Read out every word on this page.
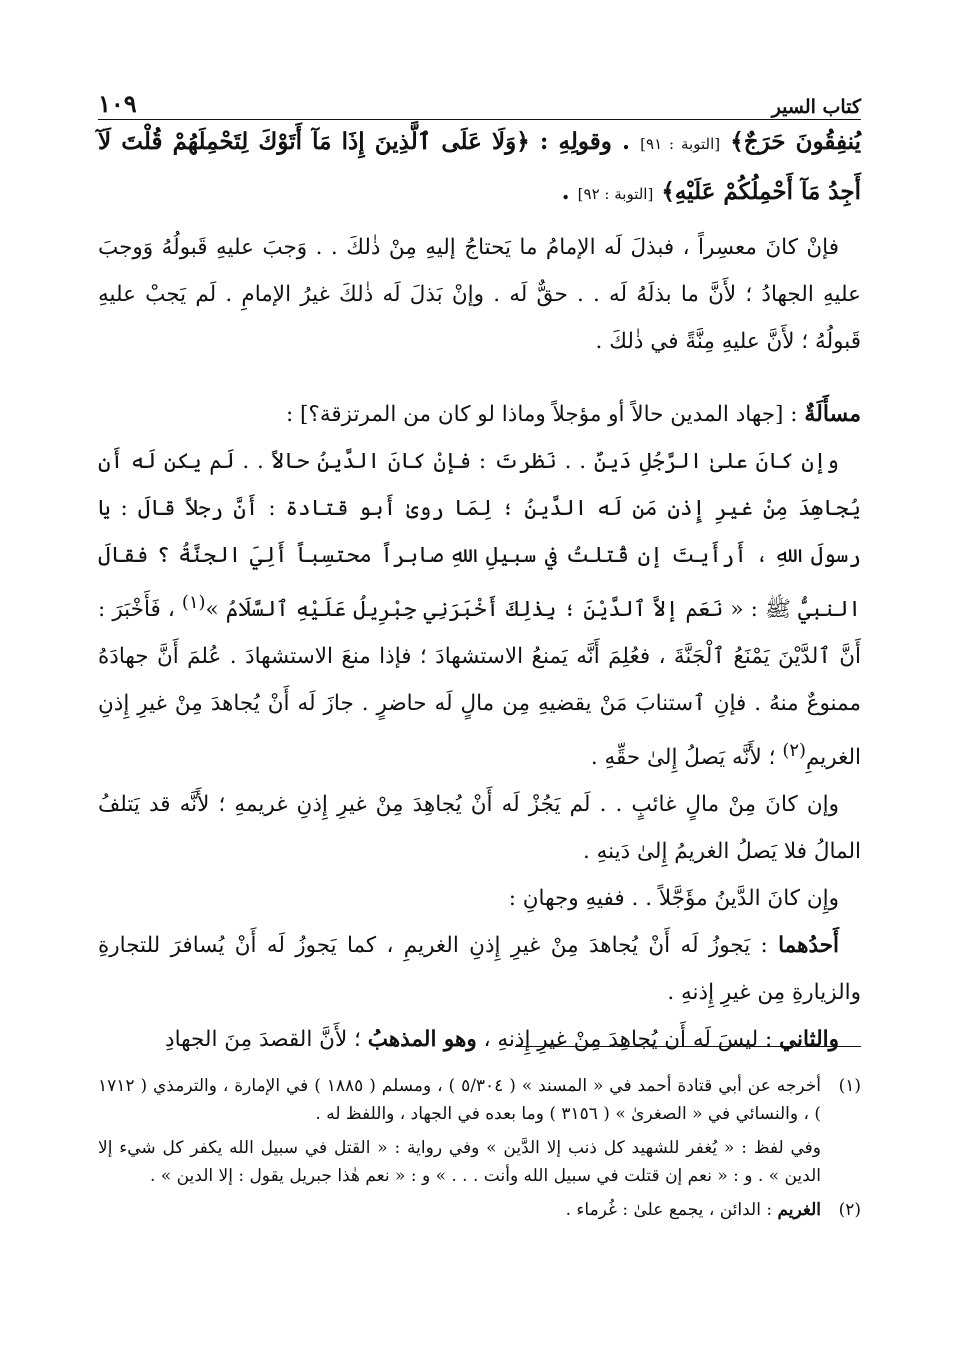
كتاب السير
١٠٩

يُنفِقُونَ حَرَجٌ﴾ [التوبة : ٩١] . وقولِهِ : ﴿وَلَا عَلَى ٱلَّذِينَ إِذَا مَآ أَتَوْكَ لِتَحْمِلَهُمْ قُلْتَ لَآ أَجِدُ مَآ أَحْمِلُكُمْ عَلَيْهِ﴾ [التوبة : ٩٢] .

فإنْ كانَ معسِراً ، فبذلَ لَه الإمامُ ما يَحتاجُ إليهِ مِنْ ذٰلكَ . . وَجبَ عليهِ قَبولُهُ وَوجبَ عليهِ الجهادُ ؛ لأَنَّ ما بذلَهُ لَه . . حقٌّ لَه . وإنْ بَذلَ لَه ذٰلكَ غيرُ الإمامِ . لَم يَجبْ عليهِ قَبولُهُ ؛ لأَنَّ عليهِ مِنَّةً في ذٰلكَ .

مسأَلَةٌ : [جهاد المدين حالاً أو مؤجلاً وماذا لو كان من المرتزقة؟] :

وإن كانَ علىٰ الرَّجُلِ دَينٌ . . نَظرتَ : فإنْ كانَ الدَّينُ حالاً . . لَم يكن لَه أَن يُجاهِدَ مِنْ غيرِ إِذنِ مَن لَه الدَّينُ ؛ لِمَا روىٰ أَبو قتادة : أَنَّ رجلاً قالَ : يا رسولَ اللهِ ، أَرأَيتَ إن قُتلتُ في سبيلِ اللهِ صابراً محتسِباً أَلِيَ الجنَّةُ ؟ فقالَ النبيُّ ﷺ : « نَعَم إلاَّ ٱلدَّيْنَ ؛ بِذٰلِكَ أَخْبَرَنِي جِبْرِيلُ عَلَيْهِ ٱلسَّلَامُ »$^{(١)}$ ، فَأَخْبَرَ : أَنَّ ٱلدَّيْنَ يَمْنَعُ ٱلْجَنَّةَ ، فعُلِمَ أَنَّه يَمنعُ الاستشهادَ ؛ فإذا منعَ الاستشهادَ . عُلمَ أَنَّ جهادَهُ ممنوعٌ منهُ . فإنِ ٱستنابَ مَنْ يقضيهِ مِن مالٍ لَه حاضرٍ . جازَ لَه أَنْ يُجاهدَ مِنْ غيرِ إِذنِ الغريمِ$^{(٢)}$ ؛ لأَنَّه يَصلُ إِلىٰ حقِّهِ .

وإن كانَ مِنْ مالٍ غائبٍ . . لَم يَجُزْ لَه أَنْ يُجاهِدَ مِنْ غيرِ إِذنِ غريمهِ ؛ لأَنَّه قد يَتلفُ المالُ فلا يَصلُ الغريمُ إِلىٰ دَينهِ .

وإِن كانَ الدَّينُ مؤَجَّلاً . . ففيهِ وجهانِ :

أَحدُهما : يَجوزُ لَه أَنْ يُجاهدَ مِنْ غيرِ إِذنِ الغريمِ ، كما يَجوزُ لَه أَنْ يُسافرَ للتجارةِ والزيارةِ مِن غيرِ إِذنهِ .

والثاني : ليسَ لَه أَن يُجاهِدَ مِنْ غيرِ إِذنهِ ، وهو المذهبُ ؛ لأَنَّ القصدَ مِنَ الجهادِ

(١)

أخرجه عن أبي قتادة أحمد في « المسند » ( ٥/٣٠٤ ) ، ومسلم ( ١٨٨٥ ) في الإمارة ، والترمذي ( ١٧١٢ ) ، والنسائي في « الصغرىٰ » ( ٣١٥٦ ) وما بعده في الجهاد ، واللفظ له .

وفي لفظ : « يُغفر للشهيد كل ذنب إلا الدَّين » وفي رواية : « القتل في سبيل الله يكفر كل شيء إلا الدين » . و : « نعم إن قتلت في سبيل الله وأنت . . . » و : « نعم هٰذا جبريل يقول : إلا الدين » .

(٢)

الغريم : الدائن ، يجمع علىٰ : غُرماء .
